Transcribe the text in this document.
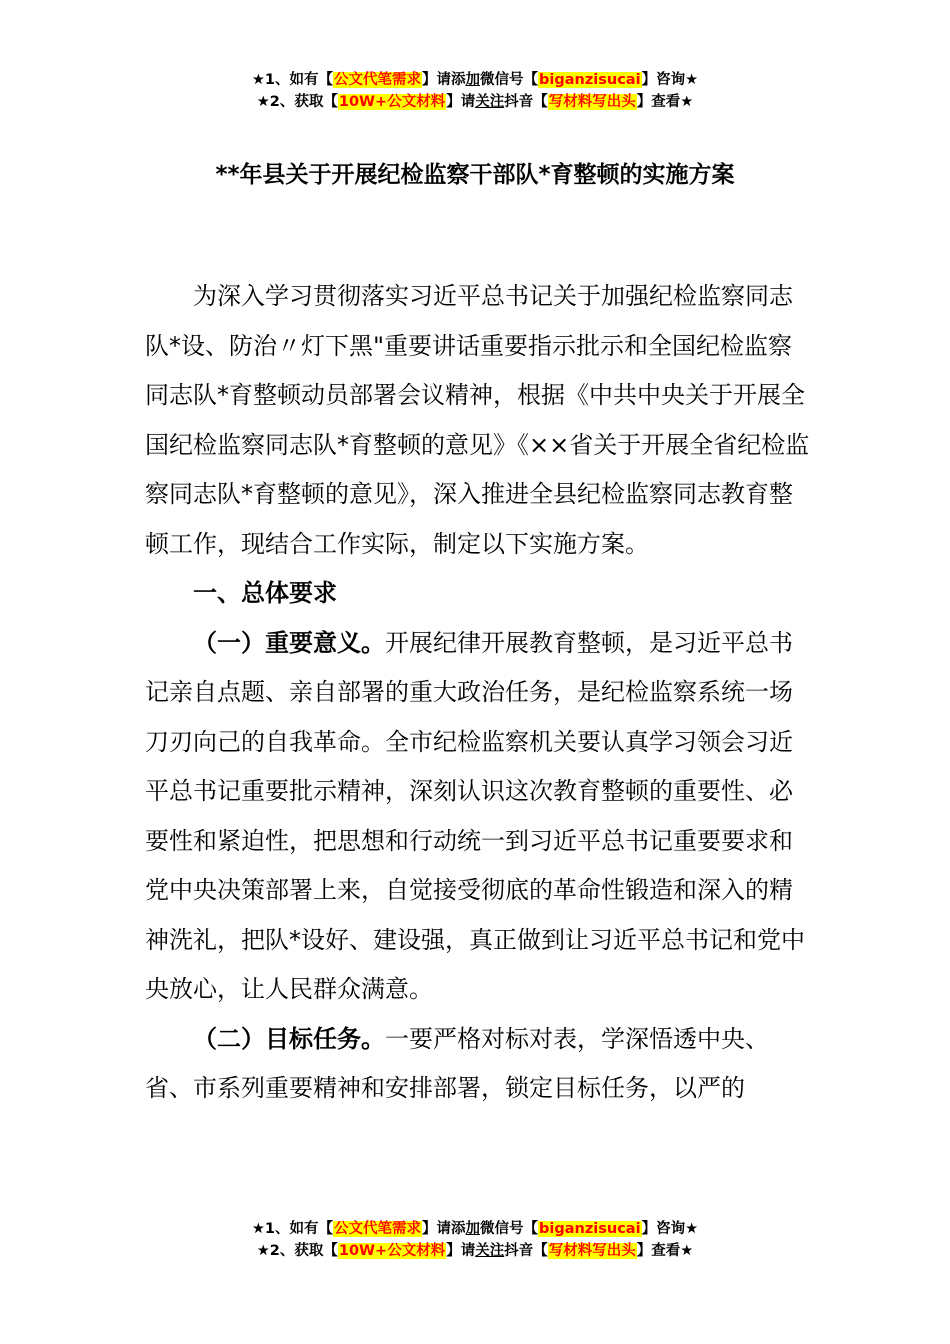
★1、如有【公文代笔需求】请添加微信号【biganzisucai】咨询★
★2、获取【10W+公文材料】请关注抖音【写材料写出头】查看★
**年县关于开展纪检监察干部队*育整顿的实施方案

为深入学习贯彻落实习近平总书记关于加强纪检监察同志队*设、防治〃灯下黑"重要讲话重要指示批示和全国纪检监察同志队*育整顿动员部署会议精神，根据《中共中央关于开展全国纪检监察同志队*育整顿的意见》《××省关于开展全省纪检监察同志队*育整顿的意见》，深入推进全县纪检监察同志教育整顿工作，现结合工作实际，制定以下实施方案。

一、总体要求

（一）重要意义。开展纪律开展教育整顿，是习近平总书记亲自点题、亲自部署的重大政治任务，是纪检监察系统一场刀刃向己的自我革命。全市纪检监察机关要认真学习领会习近平总书记重要批示精神，深刻认识这次教育整顿的重要性、必要性和紧迫性，把思想和行动统一到习近平总书记重要要求和党中央决策部署上来，自觉接受彻底的革命性锻造和深入的精神洗礼，把队*设好、建设强，真正做到让习近平总书记和党中央放心，让人民群众满意。

（二）目标任务。一要严格对标对表，学深悟透中央、省、市系列重要精神和安排部署，锁定目标任务，以严的

★1、如有【公文代笔需求】请添加微信号【biganzisucai】咨询★
★2、获取【10W+公文材料】请关注抖音【写材料写出头】查看★
